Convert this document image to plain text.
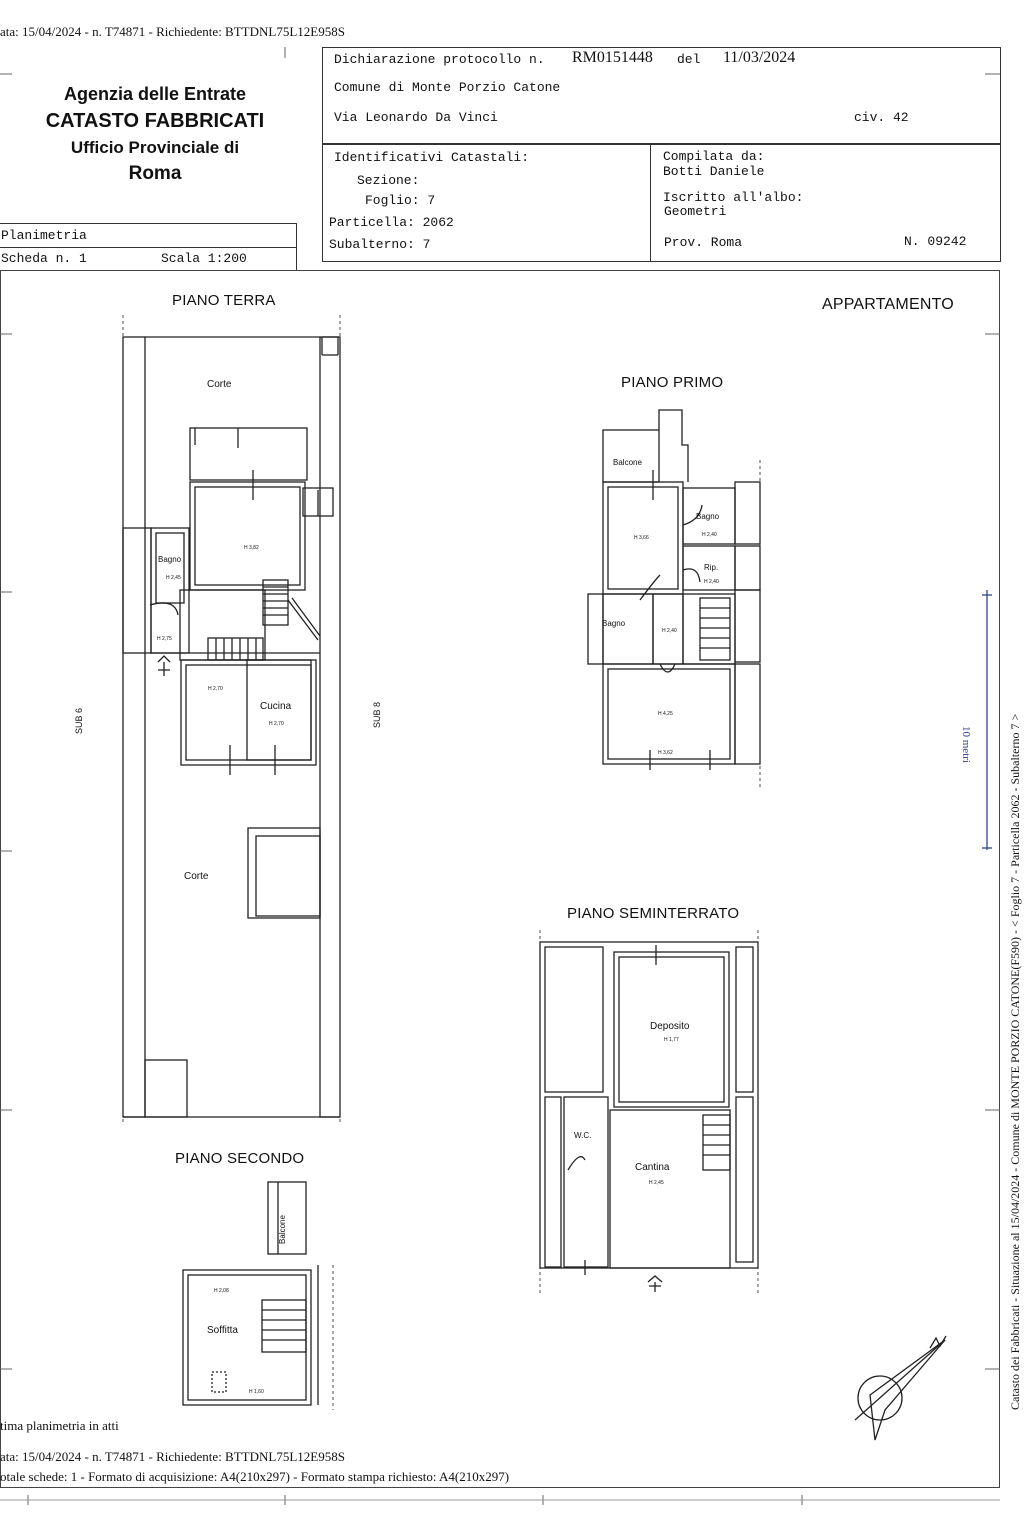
ata: 15/04/2024 - n. T74871 - Richiedente: BTTDNL75L12E958S
Agenzia delle Entrate
CATASTO FABBRICATI
Ufficio Provinciale di
Roma
Dichiarazione protocollo n. RM0151448 del 11/03/2024
Comune di Monte Porzio Catone
Via Leonardo Da Vinci	civ. 42
Identificativi Catastali:
Sezione:
Foglio: 7
Particella: 2062
Subalterno: 7
Compilata da:
Botti Daniele
Iscritto all'albo:
Geometri
Prov. Roma	N. 09242
Planimetria
Scheda n. 1	Scala 1:200
APPARTAMENTO
PIANO TERRA
PIANO PRIMO
PIANO SEMINTERRATO
PIANO SECONDO
Corte
Corte
Bagno
Cucina
SUB 6	SUB 8
H 3,82
H 2,45
H 2,75
H 2,70
H 2,70
Balcone
Bagno
Bagno
Rip.
H 3,66	H 2,40
H 2,40
H 2,40
H 4,25
H 3,62
Deposito
H 1,77
W.C.
Cantina
H 2,45
Balcone
Soffitta
H 2,08
H 1,60
10 metri	Catasto dei Fabbricati - Situazione al 15/04/2024 - Comune di MONTE PORZIO CATONE(F590) - < Foglio 7 - Particella 2062 - Subalterno 7 >
tima planimetria in atti
ata: 15/04/2024 - n. T74871 - Richiedente: BTTDNL75L12E958S
otale schede: 1 - Formato di acquisizione: A4(210x297) - Formato stampa richiesto: A4(210x297)
